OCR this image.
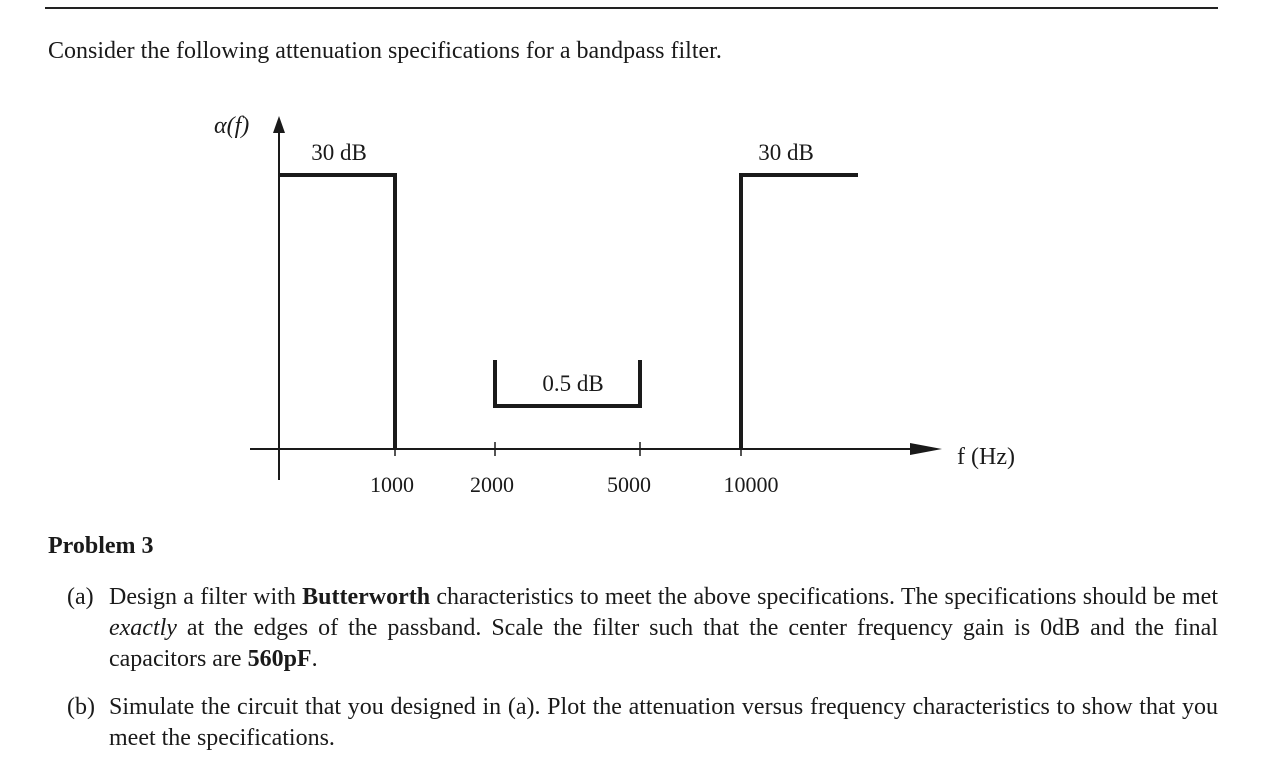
Consider the following attenuation specifications for a bandpass filter.
α(f)
f (Hz)
1000	2000	5000	10000
30 dB	30 dB
0.5 dB
Problem 3
(a) Design a filter with Butterworth characteristics to meet the above specifications. The specifications should be met exactly at the edges of the passband. Scale the filter such that the center frequency gain is 0dB and the final capacitors are 560pF.
(b) Simulate the circuit that you designed in (a). Plot the attenuation versus frequency characteristics to show that you meet the specifications.
